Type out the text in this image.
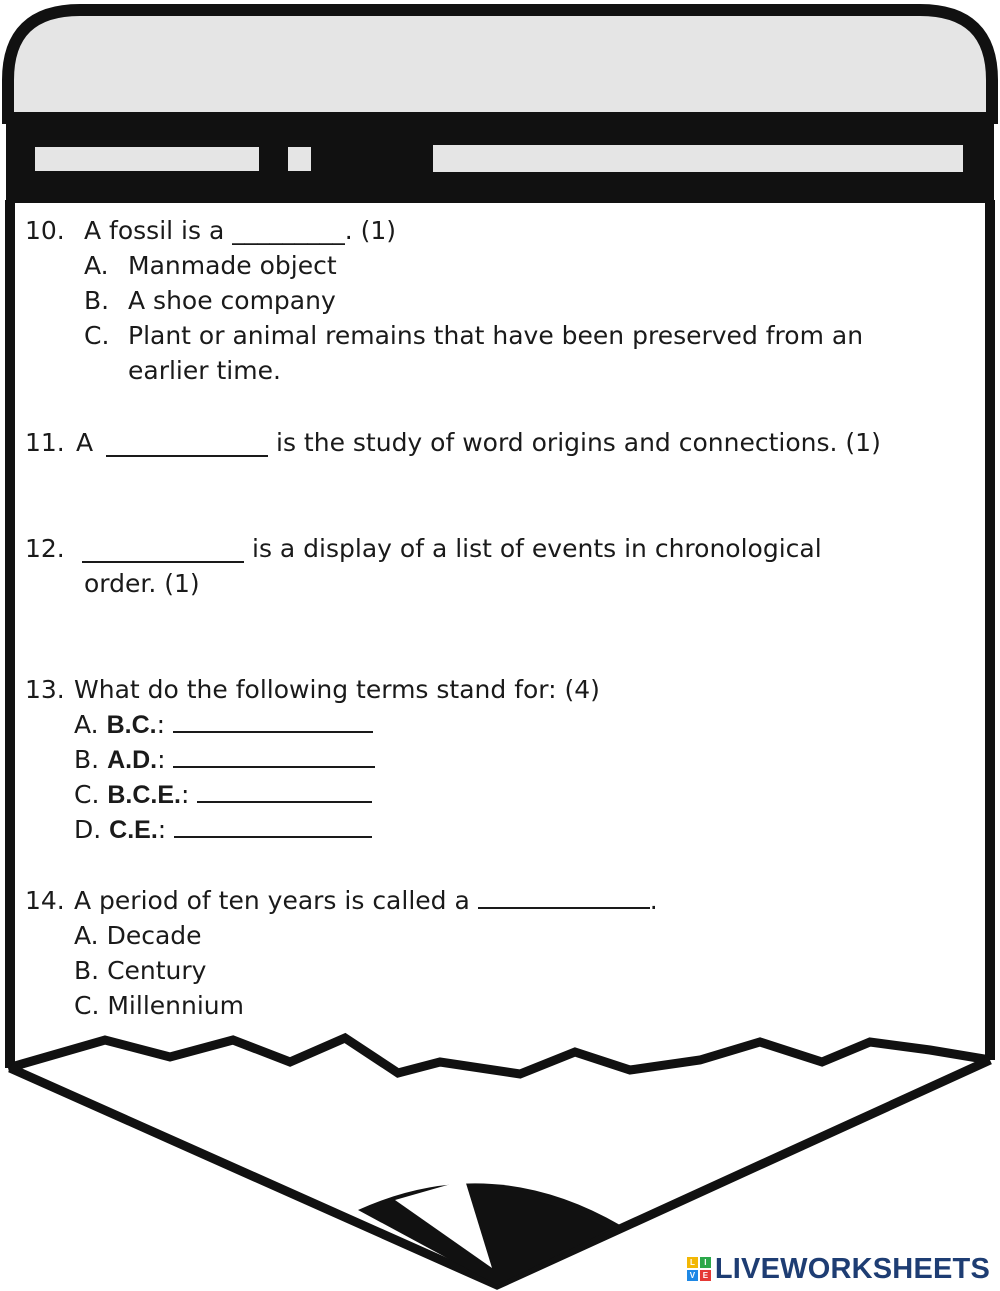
10. A fossil is a _________. (1)
A. Manmade object
B. A shoe company
C. Plant or animal remains that have been preserved from an
earlier time.
11. A	is the study of word origins and connections. (1)
12.	is a display of a list of events in chronological
order. (1)
13. What do the following terms stand for: (4)
A. B.C.:
B. A.D.:
C. B.C.E.:
D. C.E.:
14. A period of ten years is called a	.
A. Decade
B. Century
C. Millennium
L	I
V E LIVEWORKSHEETS
